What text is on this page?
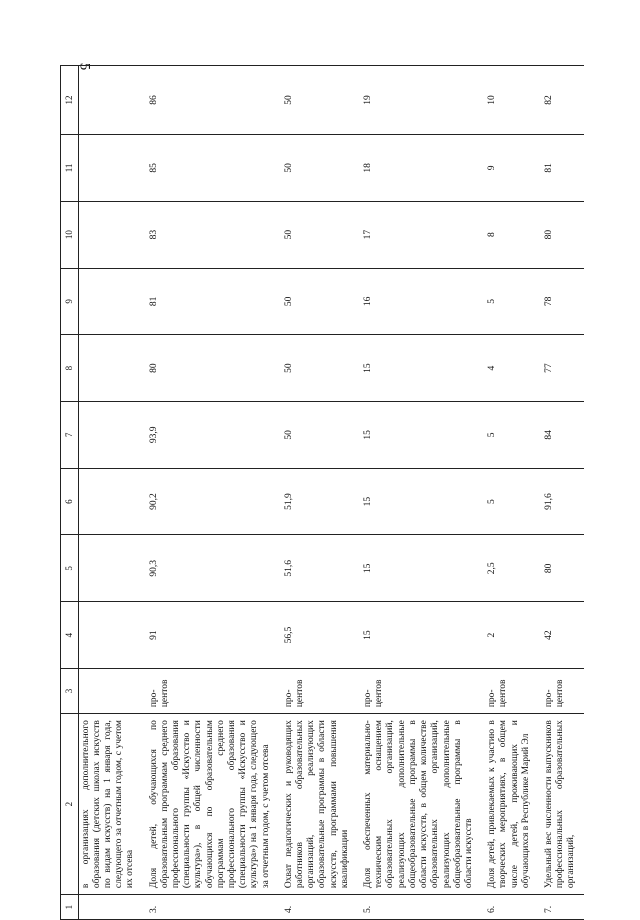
5
1	2	3	4	5	6	7	8	9	10	11	12
	в организациях дополнительного образования (детских школах искусств по видам искусств) на 1 января года, следующего за отчетным годом, с учетом их отсева										
3.	Доля детей, обучающихся по образовательным программам среднего профессионального образования (специальности группы «Искусство и культура»), в общей численности обучающихся по образовательным программам среднего профессионального образования (специальности группы «Искусство и культура») на 1 января года, следующего за отчетным годом, с учетом отсева	про-центов	91	90,3	90,2	93,9	80	81	83	85	86
4.	Охват педагогических и руководящих работников образовательных организаций, реализующих образовательные программы в области искусств, программами повышения квалификации	про-центов	56,5	51,6	51,9	50	50	50	50	50	50
5.	Доля обеспеченных материально-техническим оснащением образовательных организаций, реализующих дополнительные общеобразовательные программы в области искусств, в общем количестве образовательных организаций, реализующих дополнительные общеобразовательные программы в области искусств	про-центов	15	15	15	15	15	16	17	18	19
6.	Доля детей, привлекаемых к участию в творческих мероприятиях, в общем числе детей, проживающих и обучающихся в Республике Марий Эл	про-центов	2	2,5	5	5	4	5	8	9	10
7.	Удельный вес численности выпускников профессиональных образовательных организаций,	про-центов	42	80	91,6	84	77	78	80	81	82
